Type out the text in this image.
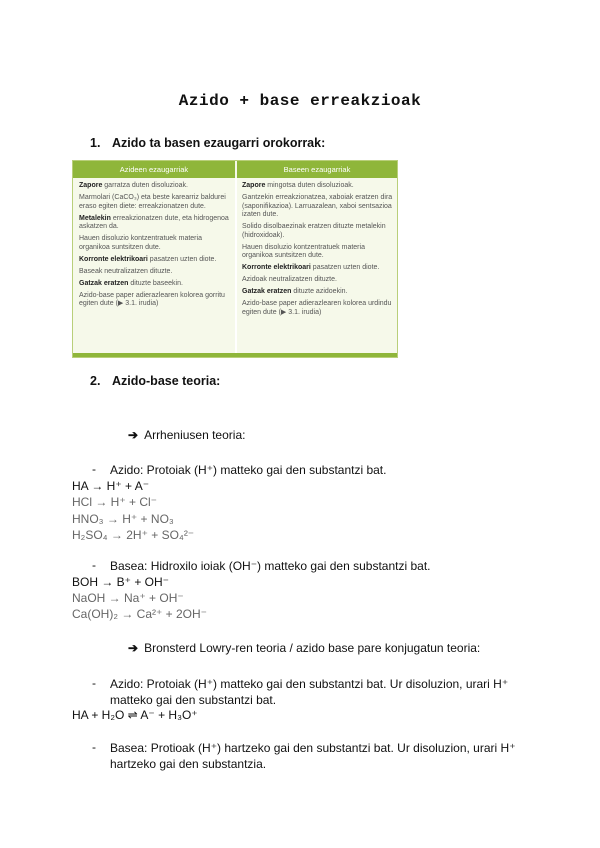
Azido + base erreakzioak
1. Azido ta basen ezaugarri orokorrak:
Azideen ezaugarriak	Baseen ezaugarriak

Zapore garratza duten disoluzioak.

Marmolari (CaCO₃) eta beste karearriz baldurei eraso egiten diete: erreakzionatzen dute.

Metalekin erreakzionatzen dute, eta hidrogenoa askatzen da.

Hauen disoluzio kontzentratuek materia organikoa suntsitzen dute.

Korronte elektrikoari pasatzen uzten diote.

Baseak neutralizatzen dituzte.

Gatzak eratzen dituzte baseekin.

Azido-base paper adierazlearen kolorea gorritu egiten dute (▶ 3.1. irudia)

Zapore mingotsa duten disoluzioak.

Gantzekin erreakzionatzea, xaboiak eratzen dira (saponifikazioa). Larruazalean, xaboi sentsazioa izaten dute.

Solido disolbaezinak eratzen dituzte metalekin (hidroxidoak).

Hauen disoluzio kontzentratuek materia organikoa suntsitzen dute.

Korronte elektrikoari pasatzen uzten diote.

Azidoak neutralizatzen dituzte.

Gatzak eratzen dituzte azidoekin.

Azido-base paper adierazlearen kolorea urdindu egiten dute (▶ 3.1. irudia)

2. Azido-base teoria:
➔ Arrheniusen teoria:
- Azido: Protoiak (H⁺) matteko gai den substantzi bat.
HA → H⁺ + A⁻
HCl → H⁺ + Cl⁻
HNO₃ → H⁺ + NO₃
H₂SO₄ → 2H⁺ + SO₄²⁻
- Basea: Hidroxilo ioiak (OH⁻) matteko gai den substantzi bat.
BOH → B⁺ + OH⁻
NaOH → Na⁺ + OH⁻
Ca(OH)₂ → Ca²⁺ + 2OH⁻
➔ Bronsterd Lowry-ren teoria / azido base pare konjugatun teoria:
- Azido: Protoiak (H⁺) matteko gai den substantzi bat. Ur disoluzion, urari H⁺ matteko gai den substantzi bat.
HA + H₂O ⇌ A⁻ + H₃O⁺
- Basea: Protioak (H⁺) hartzeko gai den substantzi bat. Ur disoluzion, urari H⁺ hartzeko gai den substantzia.
